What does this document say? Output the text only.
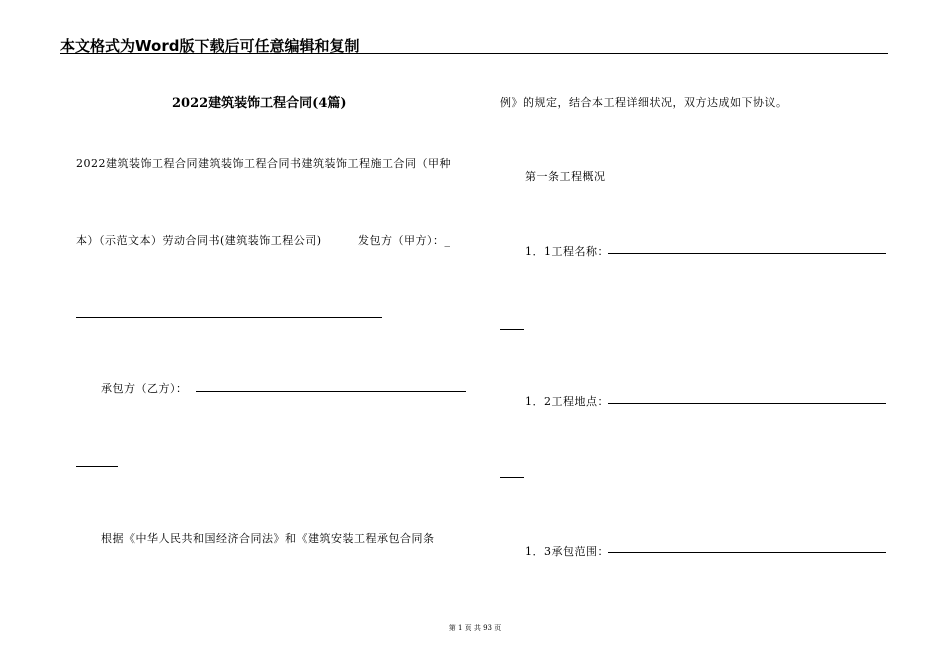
本文格式为Word版下载后可任意编辑和复制
2022建筑装饰工程合同(4篇)
2022建筑装饰工程合同建筑装饰工程合同书建筑装饰工程施工合同（甲种
本）（示范文本）劳动合同书(建筑装饰工程公司)	发包方（甲方）：_
承包方（乙方）：
根据《中华人民共和国经济合同法》和《建筑安装工程承包合同条
例》的规定，结合本工程详细状况，双方达成如下协议。
第一条工程概况
1．1工程名称：
1．2工程地点：
1．3承包范围：
第 1 页 共 93 页
